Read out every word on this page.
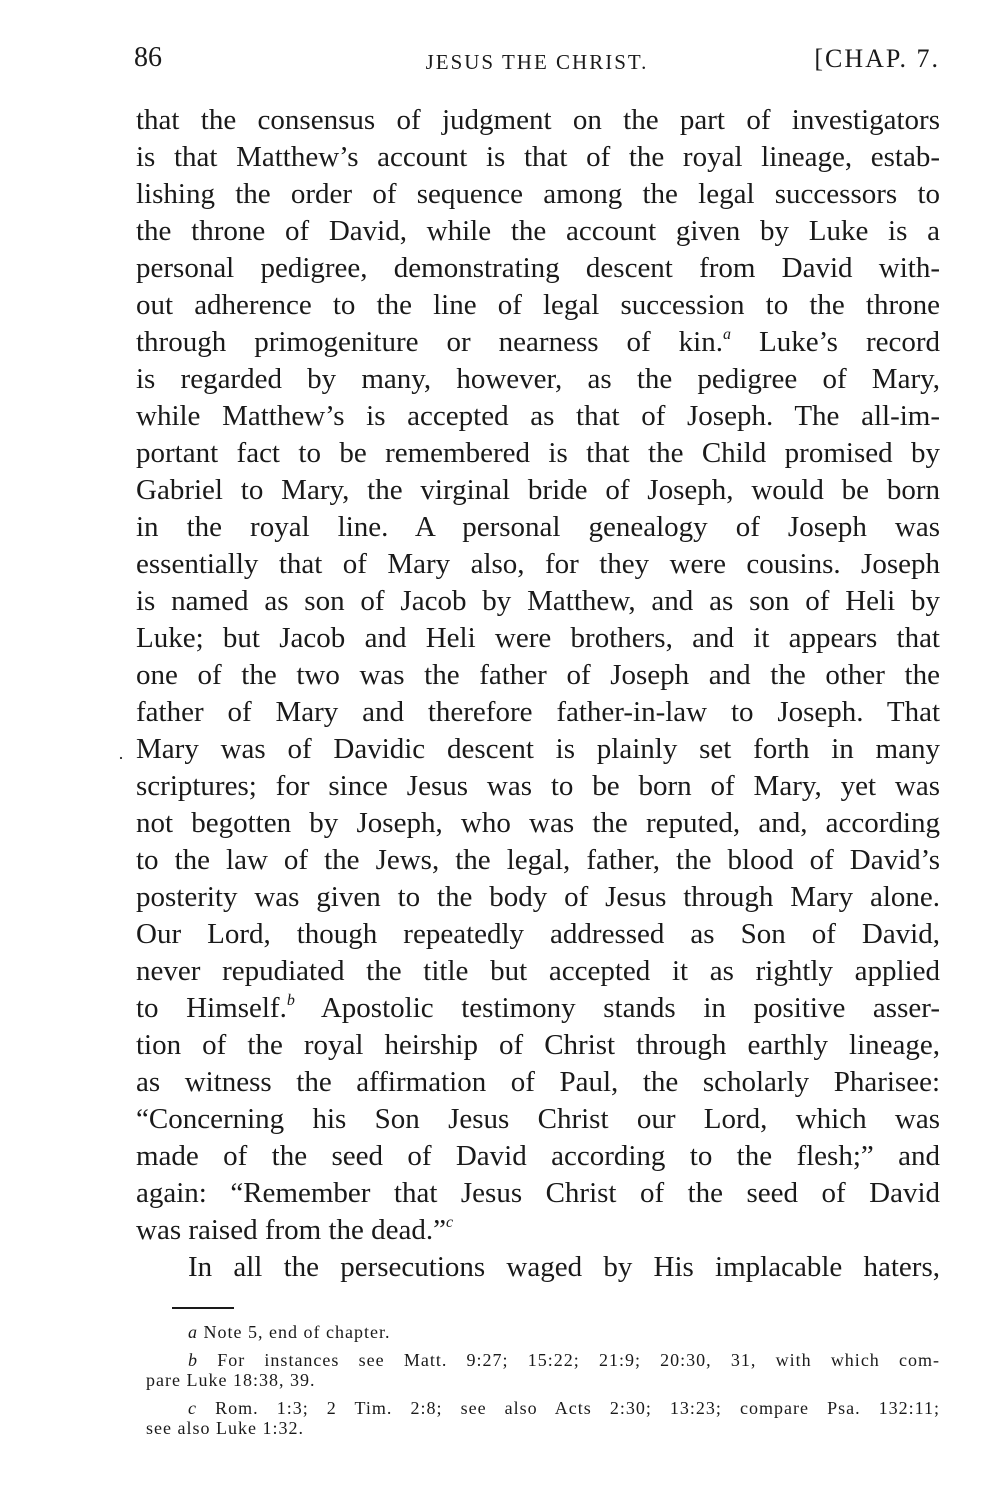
86	JESUS THE CHRIST.	[CHAP. 7.
·
that the consensus of judgment on the part of investigators
is that Matthew’s account is that of the royal lineage, estab-
lishing the order of sequence among the legal successors to
the throne of David, while the account given by Luke is a
personal pedigree, demonstrating descent from David with-
out adherence to the line of legal succession to the throne
through primogeniture or nearness of kin.$^a$ Luke’s record
is regarded by many, however, as the pedigree of Mary,
while Matthew’s is accepted as that of Joseph. The all-im-
portant fact to be remembered is that the Child promised by
Gabriel to Mary, the virginal bride of Joseph, would be born
in the royal line. A personal genealogy of Joseph was
essentially that of Mary also, for they were cousins. Joseph
is named as son of Jacob by Matthew, and as son of Heli by
Luke; but Jacob and Heli were brothers, and it appears that
one of the two was the father of Joseph and the other the
father of Mary and therefore father-in-law to Joseph. That
Mary was of Davidic descent is plainly set forth in many
scriptures; for since Jesus was to be born of Mary, yet was
not begotten by Joseph, who was the reputed, and, according
to the law of the Jews, the legal, father, the blood of David’s
posterity was given to the body of Jesus through Mary alone.
Our Lord, though repeatedly addressed as Son of David,
never repudiated the title but accepted it as rightly applied
to Himself.$^b$ Apostolic testimony stands in positive asser-
tion of the royal heirship of Christ through earthly lineage,
as witness the affirmation of Paul, the scholarly Pharisee:
“Concerning his Son Jesus Christ our Lord, which was
made of the seed of David according to the flesh;” and
again: “Remember that Jesus Christ of the seed of David
was raised from the dead.”$^c$
In all the persecutions waged by His implacable haters,
a Note 5, end of chapter.
b For instances see Matt. 9:27; 15:22; 21:9; 20:30, 31, with which com-
pare Luke 18:38, 39.
c Rom. 1:3; 2 Tim. 2:8; see also Acts 2:30; 13:23; compare Psa. 132:11;
see also Luke 1:32.
